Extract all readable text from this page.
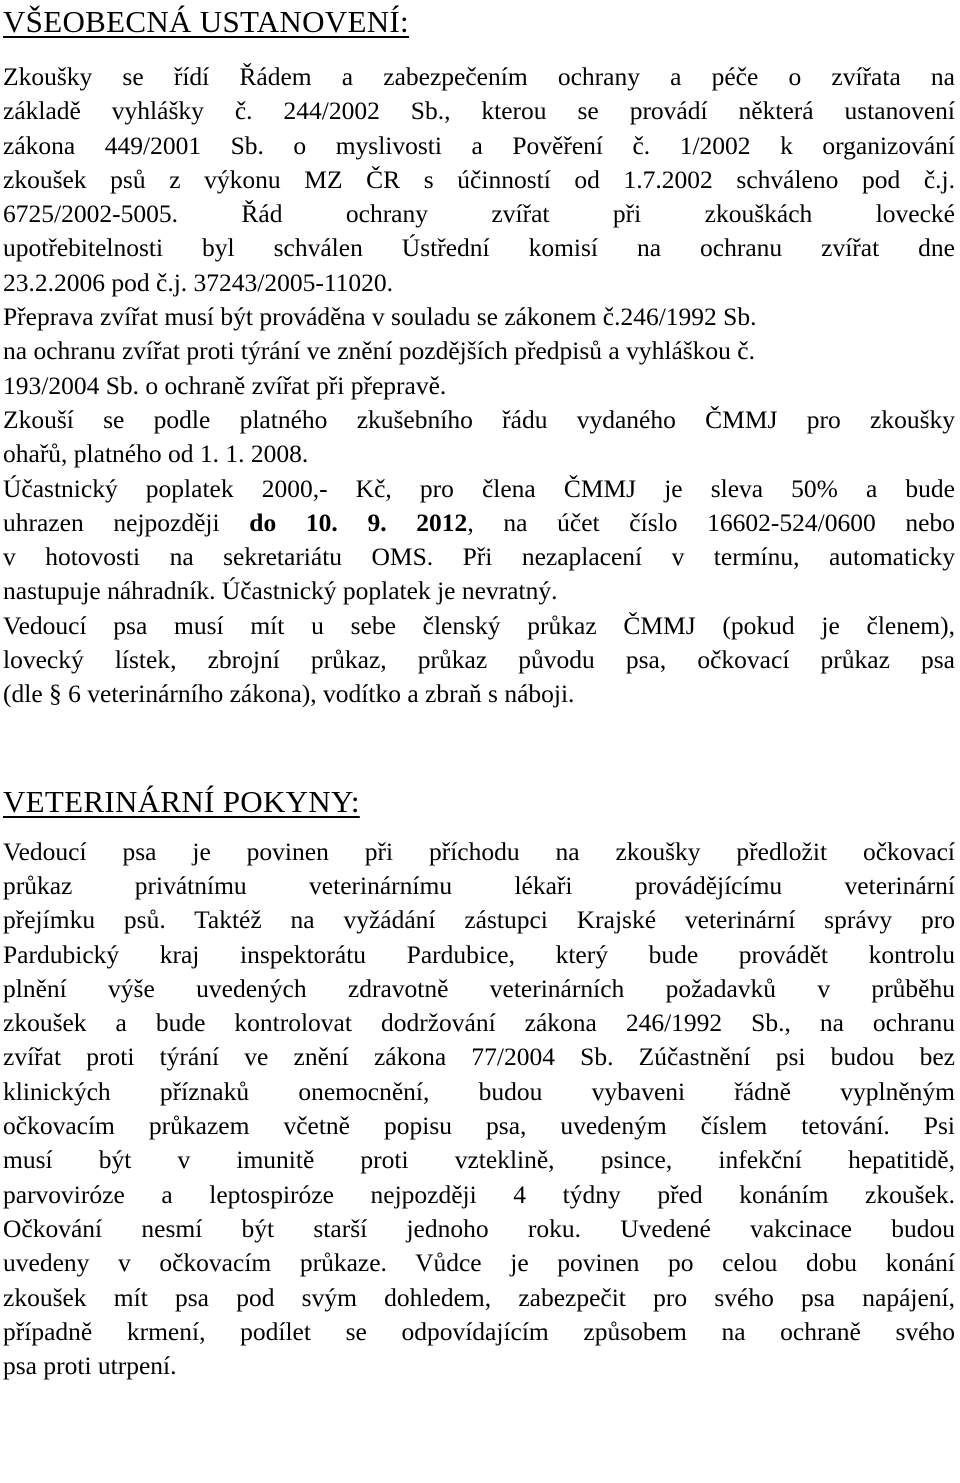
VŠEOBECNÁ USTANOVENÍ:
Zkoušky se řídí Řádem a zabezpečením ochrany a péče o zvířata na
základě vyhlášky č. 244/2002 Sb., kterou se provádí některá ustanovení
zákona 449/2001 Sb. o myslivosti a Pověření č. 1/2002 k organizování
zkoušek psů z výkonu MZ ČR s účinností od 1.7.2002 schváleno pod č.j.
6725/2002-5005. Řád ochrany zvířat při zkouškách lovecké
upotřebitelnosti byl schválen Ústřední komisí na ochranu zvířat dne
23.2.2006 pod č.j. 37243/2005-11020.
Přeprava zvířat musí být prováděna v souladu se zákonem č.246/1992 Sb.
na ochranu zvířat proti týrání ve znění pozdějších předpisů a vyhláškou č.
193/2004 Sb. o ochraně zvířat při přepravě.
Zkouší se podle platného zkušebního řádu vydaného ČMMJ pro zkoušky
ohařů, platného od 1. 1. 2008.
Účastnický poplatek 2000,- Kč, pro člena ČMMJ je sleva 50% a bude
uhrazen nejpozději do 10. 9. 2012, na účet číslo 16602-524/0600 nebo
v hotovosti na sekretariátu OMS. Při nezaplacení v termínu, automaticky
nastupuje náhradník. Účastnický poplatek je nevratný.
Vedoucí psa musí mít u sebe členský průkaz ČMMJ (pokud je členem),
lovecký lístek, zbrojní průkaz, průkaz původu psa, očkovací průkaz psa
(dle § 6 veterinárního zákona), vodítko a zbraň s náboji.
VETERINÁRNÍ POKYNY:
Vedoucí psa je povinen při příchodu na zkoušky předložit očkovací
průkaz privátnímu veterinárnímu lékaři provádějícímu veterinární
přejímku psů. Taktéž na vyžádání zástupci Krajské veterinární správy pro
Pardubický kraj inspektorátu Pardubice, který bude provádět kontrolu
plnění výše uvedených zdravotně veterinárních požadavků v průběhu
zkoušek a bude kontrolovat dodržování zákona 246/1992 Sb., na ochranu
zvířat proti týrání ve znění zákona 77/2004 Sb. Zúčastnění psi budou bez
klinických příznaků onemocnění, budou vybaveni řádně vyplněným
očkovacím průkazem včetně popisu psa, uvedeným číslem tetování. Psi
musí být v imunitě proti vzteklině, psince, infekční hepatitidě,
parvoviróze a leptospiróze nejpozději 4 týdny před konáním zkoušek.
Očkování nesmí být starší jednoho roku. Uvedené vakcinace budou
uvedeny v očkovacím průkaze. Vůdce je povinen po celou dobu konání
zkoušek mít psa pod svým dohledem, zabezpečit pro svého psa napájení,
případně krmení, podílet se odpovídajícím způsobem na ochraně svého
psa proti utrpení.
